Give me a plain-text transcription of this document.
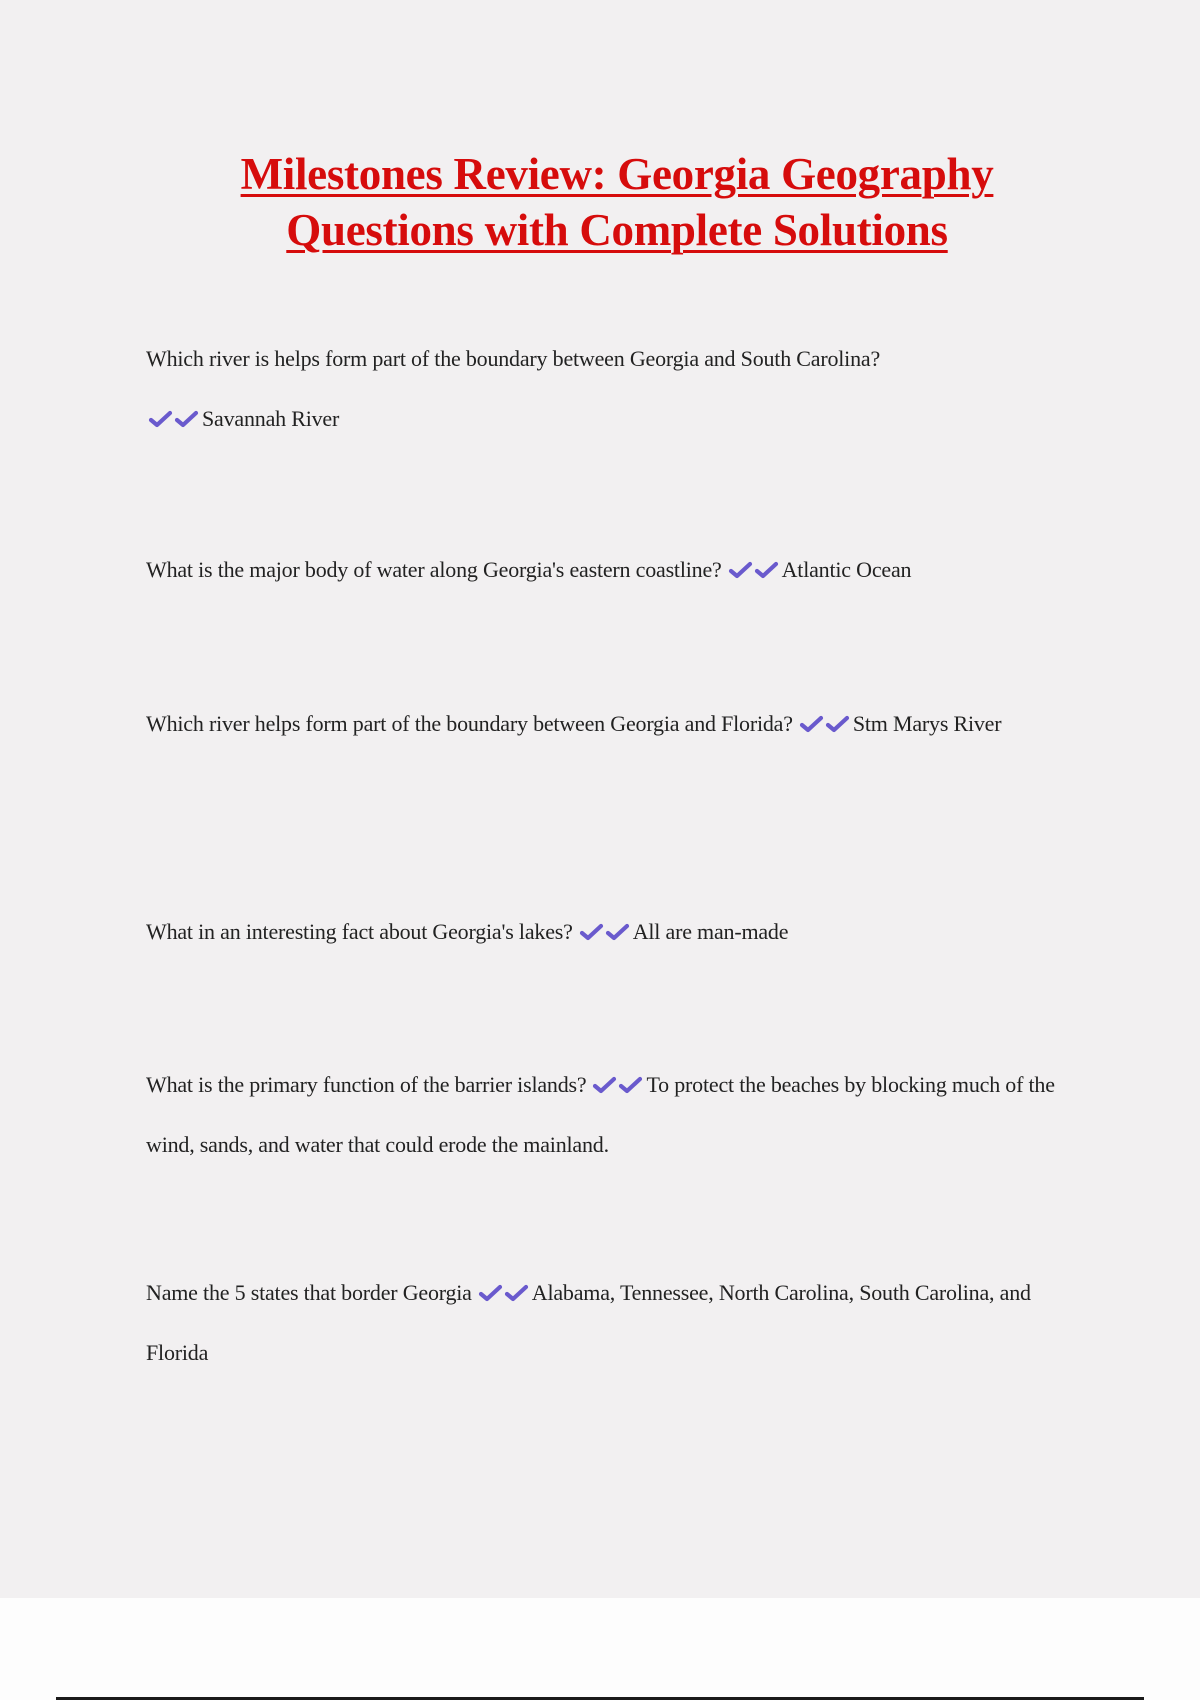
Milestones Review: Georgia Geography
Questions with Complete Solutions
Which river is helps form part of the boundary between Georgia and South Carolina?

Savannah River
What is the major body of water along Georgia's eastern coastline?	Atlantic Ocean
Which river helps form part of the boundary between Georgia and Florida?	Stm Marys River
What in an interesting fact about Georgia's lakes?	All are man-made
What is the primary function of the barrier islands?	To protect the beaches by blocking much of the wind, sands, and water that could erode the mainland.
Name the 5 states that border Georgia	Alabama, Tennessee, North Carolina, South Carolina, and Florida
